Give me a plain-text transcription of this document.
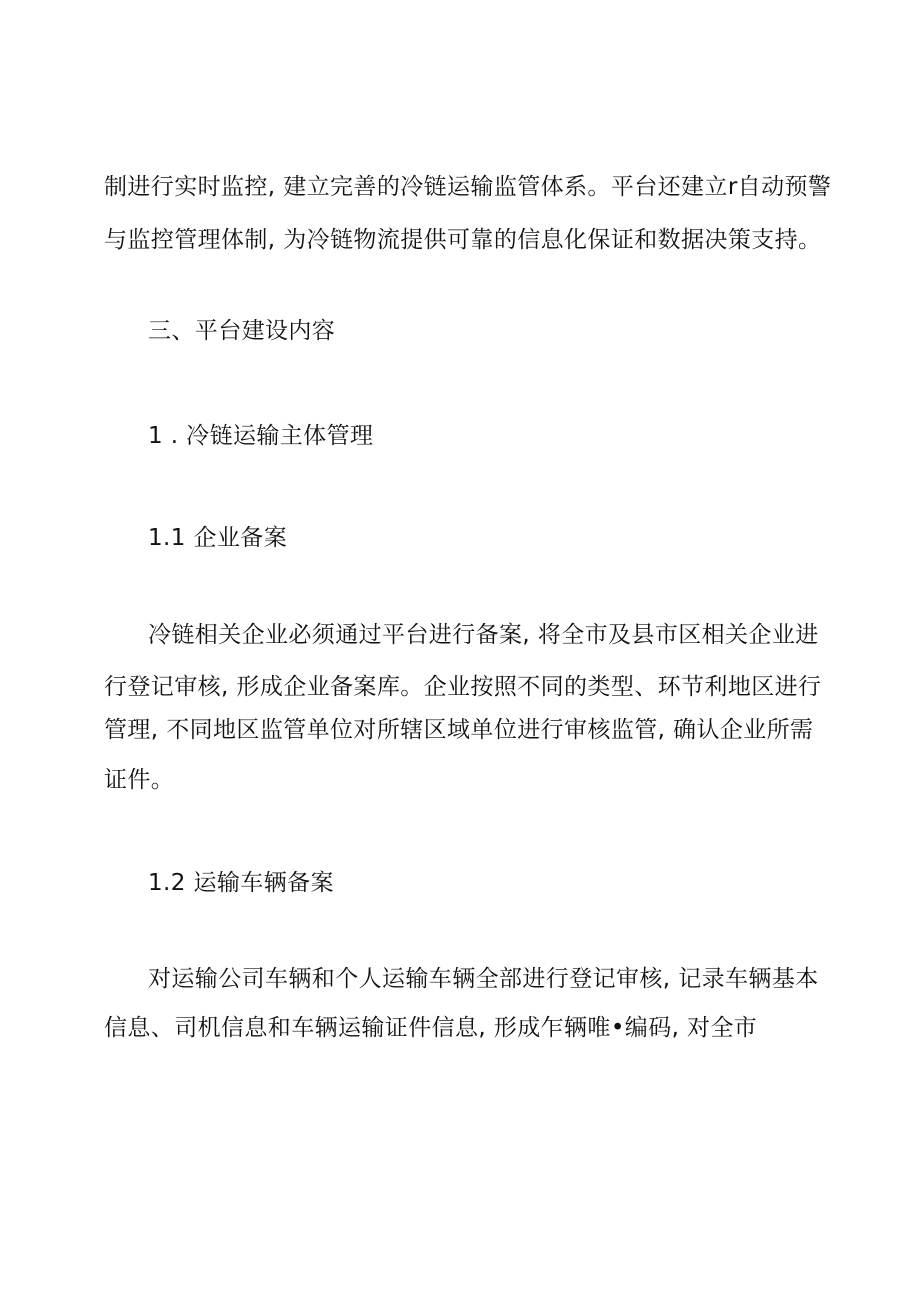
制进行实时监控, 建立完善的冷链运输监管体系。平台还建立r自动预警
与监控管理体制, 为冷链物流提供可靠的信息化保证和数据决策支持。
三、平台建设内容
1 . 冷链运输主体管理
1.1 企业备案
冷链相关企业必须通过平台进行备案, 将全市及县市区相关企业进
行登记审核, 形成企业备案库。企业按照不同的类型、环节利地区进行
管理, 不同地区监管单位对所辖区域单位进行审核监管, 确认企业所需
证件。
1.2 运输车辆备案
对运输公司车辆和个人运输车辆全部进行登记审核, 记录车辆基本
信息、司机信息和车辆运输证件信息, 形成乍辆唯•编码, 对全市
